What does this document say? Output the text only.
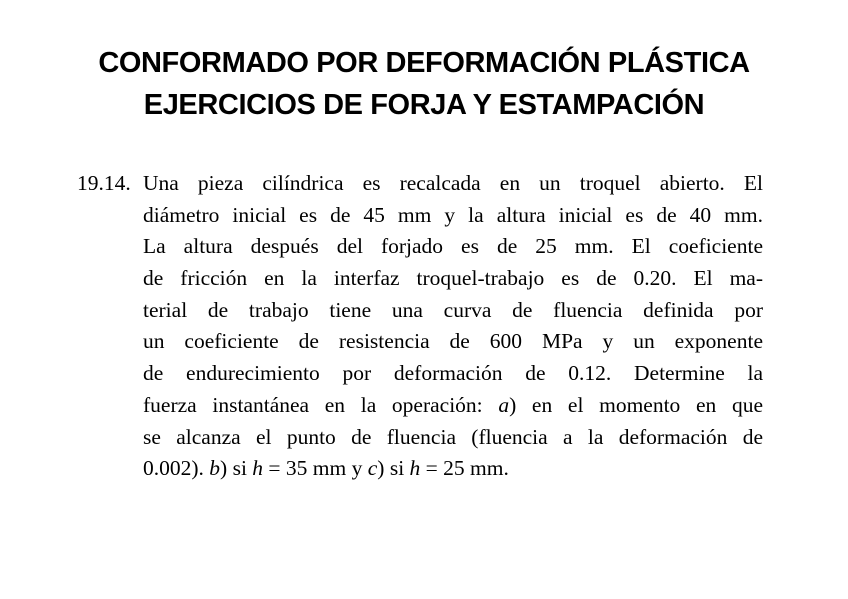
CONFORMADO POR DEFORMACIÓN PLÁSTICA
EJERCICIOS DE FORJA Y ESTAMPACIÓN
19.14. Una pieza cilíndrica es recalcada en un troquel abierto. El
diámetro inicial es de 45 mm y la altura inicial es de 40 mm.
La altura después del forjado es de 25 mm. El coeficiente
de fricción en la interfaz troquel-trabajo es de 0.20. El ma-
terial de trabajo tiene una curva de fluencia definida por
un coeficiente de resistencia de 600 MPa y un exponente
de endurecimiento por deformación de 0.12. Determine la
fuerza instantánea en la operación: a) en el momento en que
se alcanza el punto de fluencia (fluencia a la deformación de
0.002). b) si h = 35 mm y c) si h = 25 mm.
